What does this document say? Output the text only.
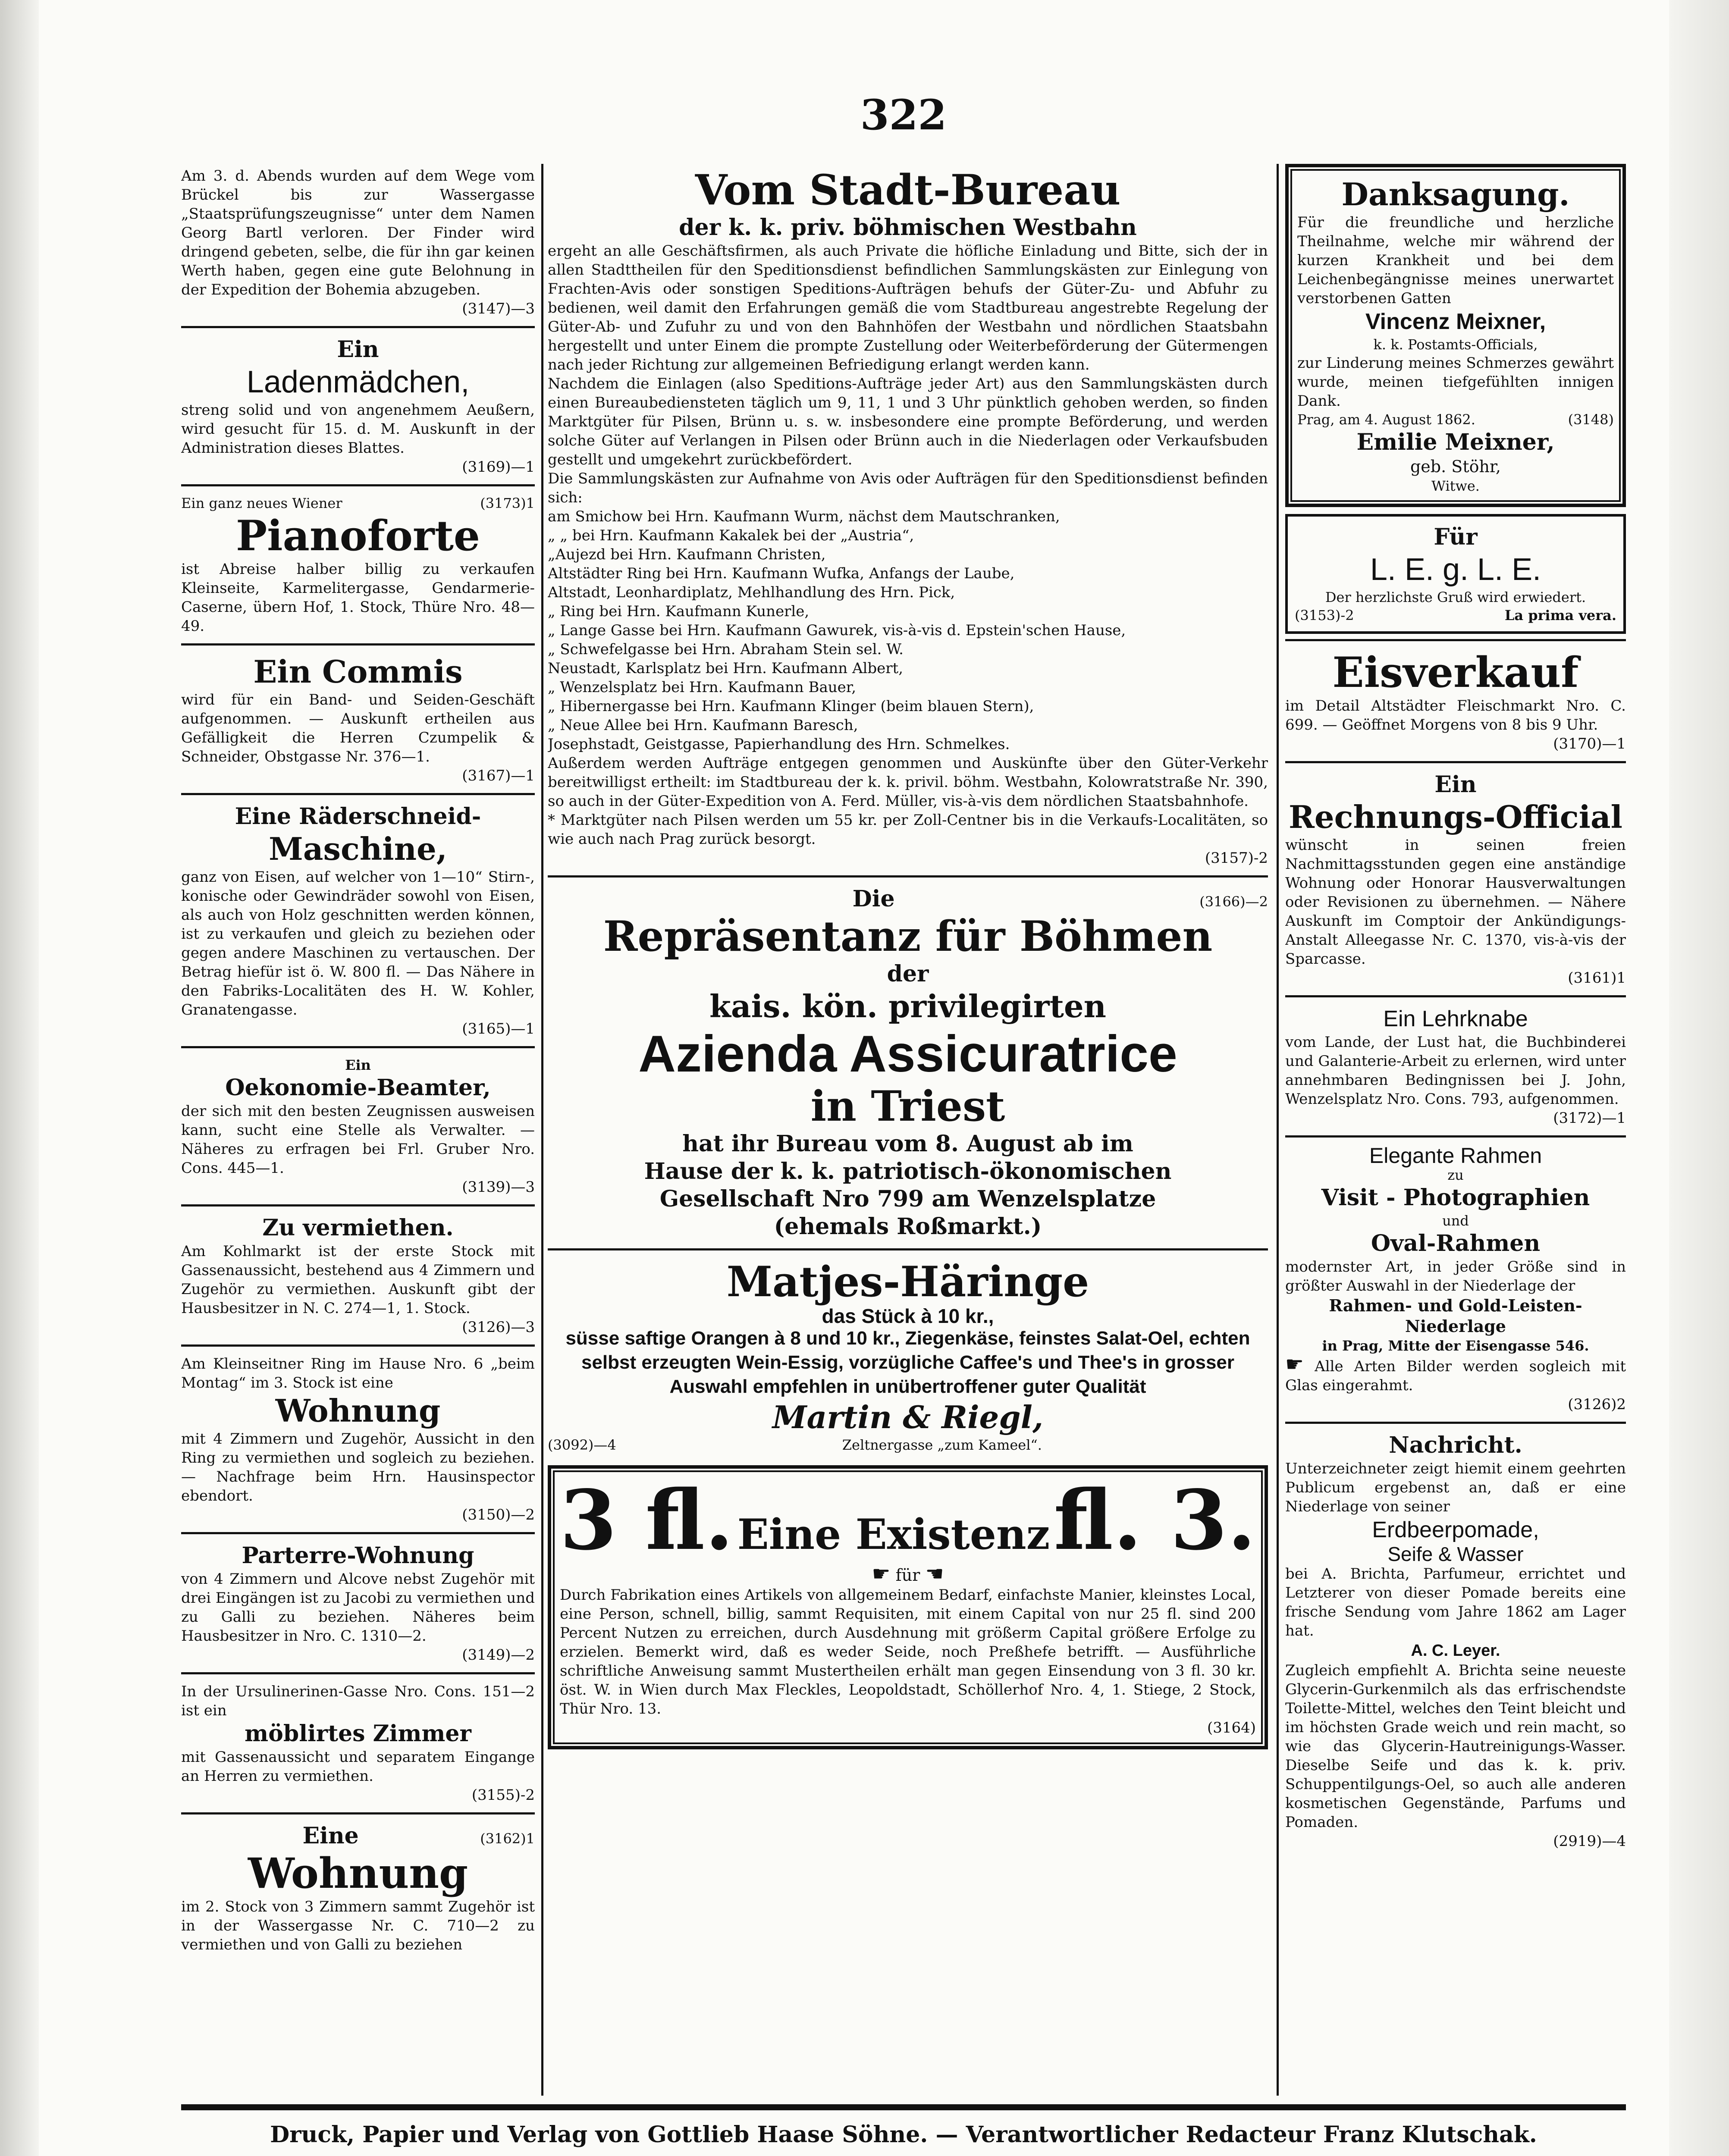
322
Am 3. d. Abends wurden auf dem Wege vom Brückel bis zur Wassergasse „Staatsprüfungszeugnisse“ unter dem Namen Georg Bartl verloren. Der Finder wird dringend gebeten, selbe, die für ihn gar keinen Werth haben, gegen eine gute Belohnung in der Expedition der Bohemia abzugeben.
(3147)—3
Ein
Ladenmädchen,
streng solid und von angenehmem Aeußern, wird gesucht für 15. d. M. Auskunft in der Administration dieses Blattes.
(3169)—1
Ein ganz neues Wiener	(3173)1
Pianoforte
ist Abreise halber billig zu verkaufen Kleinseite, Karmelitergasse, Gendarmerie-Caserne, übern Hof, 1. Stock, Thüre Nro. 48—49.
Ein Commis
wird für ein Band- und Seiden-Geschäft aufgenommen. — Auskunft ertheilen aus Gefälligkeit die Herren Czumpelik & Schneider, Obstgasse Nr. 376—1.
(3167)—1
Eine Räderschneid-
Maschine,
ganz von Eisen, auf welcher von 1—10“ Stirn-, konische oder Gewindräder sowohl von Eisen, als auch von Holz geschnitten werden können, ist zu verkaufen und gleich zu beziehen oder gegen andere Maschinen zu vertauschen. Der Betrag hiefür ist ö. W. 800 fl. — Das Nähere in den Fabriks-Localitäten des H. W. Kohler, Granatengasse.
(3165)—1
Ein
Oekonomie-Beamter,
der sich mit den besten Zeugnissen ausweisen kann, sucht eine Stelle als Verwalter. — Näheres zu erfragen bei Frl. Gruber Nro. Cons. 445—1.
(3139)—3
Zu vermiethen.
Am Kohlmarkt ist der erste Stock mit Gassenaussicht, bestehend aus 4 Zimmern und Zugehör zu vermiethen. Auskunft gibt der Hausbesitzer in N. C. 274—1, 1. Stock.
(3126)—3
Am Kleinseitner Ring im Hause Nro. 6 „beim Montag“ im 3. Stock ist eine
Wohnung
mit 4 Zimmern und Zugehör, Aussicht in den Ring zu vermiethen und sogleich zu beziehen. — Nachfrage beim Hrn. Hausinspector ebendort.
(3150)—2
Parterre-Wohnung
von 4 Zimmern und Alcove nebst Zugehör mit drei Eingängen ist zu Jacobi zu vermiethen und zu Galli zu beziehen. Näheres beim Hausbesitzer in Nro. C. 1310—2.
(3149)—2
In der Ursulinerinen-Gasse Nro. Cons. 151—2 ist ein
möblirtes Zimmer
mit Gassenaussicht und separatem Eingange an Herren zu vermiethen.
(3155)-2
Eine	(3162)1
Wohnung
im 2. Stock von 3 Zimmern sammt Zugehör ist in der Wassergasse Nr. C. 710—2 zu vermiethen und von Galli zu beziehen
Vom Stadt-Bureau
der k. k. priv. böhmischen Westbahn
ergeht an alle Geschäftsfirmen, als auch Private die höfliche Einladung und Bitte, sich der in allen Stadttheilen für den Speditionsdienst befindlichen Sammlungskästen zur Einlegung von Frachten-Avis oder sonstigen Speditions-Aufträgen behufs der Güter-Zu- und Abfuhr zu bedienen, weil damit den Erfahrungen gemäß die vom Stadtbureau angestrebte Regelung der Güter-Ab- und Zufuhr zu und von den Bahnhöfen der Westbahn und nördlichen Staatsbahn hergestellt und unter Einem die prompte Zustellung oder Weiterbeförderung der Gütermengen nach jeder Richtung zur allgemeinen Befriedigung erlangt werden kann.
Nachdem die Einlagen (also Speditions-Aufträge jeder Art) aus den Sammlungskästen durch einen Bureaubediensteten täglich um 9, 11, 1 und 3 Uhr pünktlich gehoben werden, so finden Marktgüter für Pilsen, Brünn u. s. w. insbesondere eine prompte Beförderung, und werden solche Güter auf Verlangen in Pilsen oder Brünn auch in die Niederlagen oder Verkaufsbuden gestellt und umgekehrt zurückbefördert.
Die Sammlungskästen zur Aufnahme von Avis oder Aufträgen für den Speditionsdienst befinden sich:
am Smichow bei Hrn. Kaufmann Wurm, nächst dem Mautschranken,
„ „ bei Hrn. Kaufmann Kakalek bei der „Austria“,
„Aujezd bei Hrn. Kaufmann Christen,
Altstädter Ring bei Hrn. Kaufmann Wufka, Anfangs der Laube,
Altstadt, Leonhardiplatz, Mehlhandlung des Hrn. Pick,
„ Ring bei Hrn. Kaufmann Kunerle,
„ Lange Gasse bei Hrn. Kaufmann Gawurek, vis-à-vis d. Epstein'schen Hause,
„ Schwefelgasse bei Hrn. Abraham Stein sel. W.
Neustadt, Karlsplatz bei Hrn. Kaufmann Albert,
„ Wenzelsplatz bei Hrn. Kaufmann Bauer,
„ Hibernergasse bei Hrn. Kaufmann Klinger (beim blauen Stern),
„ Neue Allee bei Hrn. Kaufmann Baresch,
Josephstadt, Geistgasse, Papierhandlung des Hrn. Schmelkes.
Außerdem werden Aufträge entgegen genommen und Auskünfte über den Güter-Verkehr bereitwilligst ertheilt: im Stadtbureau der k. k. privil. böhm. Westbahn, Kolowratstraße Nr. 390, so auch in der Güter-Expedition von A. Ferd. Müller, vis-à-vis dem nördlichen Staatsbahnhofe.
* Marktgüter nach Pilsen werden um 55 kr. per Zoll-Centner bis in die Verkaufs-Localitäten, so wie auch nach Prag zurück besorgt.
(3157)-2
Die	(3166)—2
Repräsentanz für Böhmen
der
kais. kön. privilegirten
Azienda Assicuratrice
in Triest
hat ihr Bureau vom 8. August ab im
Hause der k. k. patriotisch-ökonomischen
Gesellschaft Nro 799 am Wenzelsplatze
(ehemals Roßmarkt.)
Matjes-Häringe
das Stück à 10 kr.,
süsse saftige Orangen à 8 und 10 kr., Ziegenkäse, feinstes Salat-Oel, echten selbst erzeugten Wein-Essig, vorzügliche Caffee's und Thee's in grosser Auswahl empfehlen in unübertroffener guter Qualität
Martin & Riegl,
(3092)—4	Zeltnergasse „zum Kameel“.
3 fl. Eine Existenz fl. 3.
☛ für ☚
Durch Fabrikation eines Artikels von allgemeinem Bedarf, einfachste Manier, kleinstes Local, eine Person, schnell, billig, sammt Requisiten, mit einem Capital von nur 25 fl. sind 200 Percent Nutzen zu erreichen, durch Ausdehnung mit größerm Capital größere Erfolge zu erzielen. Bemerkt wird, daß es weder Seide, noch Preßhefe betrifft. — Ausführliche schriftliche Anweisung sammt Mustertheilen erhält man gegen Einsendung von 3 fl. 30 kr. öst. W. in Wien durch Max Fleckles, Leopoldstadt, Schöllerhof Nro. 4, 1. Stiege, 2 Stock, Thür Nro. 13.
(3164)
Danksagung.
Für die freundliche und herzliche Theilnahme, welche mir während der kurzen Krankheit und bei dem Leichenbegängnisse meines unerwartet verstorbenen Gatten
Vincenz Meixner,
k. k. Postamts-Officials,
zur Linderung meines Schmerzes gewährt wurde, meinen tiefgefühlten innigen Dank.
Prag, am 4. August 1862.	(3148)
Emilie Meixner,
geb. Stöhr,
Witwe.
Für
L. E. g. L. E.
Der herzlichste Gruß wird erwiedert.
(3153)-2	La prima vera.
Eisverkauf
im Detail Altstädter Fleischmarkt Nro. C. 699. — Geöffnet Morgens von 8 bis 9 Uhr.
(3170)—1
Ein
Rechnungs-Official
wünscht in seinen freien Nachmittagsstunden gegen eine anständige Wohnung oder Honorar Hausverwaltungen oder Revisionen zu übernehmen. — Nähere Auskunft im Comptoir der Ankündigungs-Anstalt Alleegasse Nr. C. 1370, vis-à-vis der Sparcasse.
(3161)1
Ein Lehrknabe
vom Lande, der Lust hat, die Buchbinderei und Galanterie-Arbeit zu erlernen, wird unter annehmbaren Bedingnissen bei J. John, Wenzelsplatz Nro. Cons. 793, aufgenommen.
(3172)—1
Elegante Rahmen
zu
Visit - Photographien
und
Oval-Rahmen
modernster Art, in jeder Größe sind in größter Auswahl in der Niederlage der
Rahmen- und Gold-Leisten-
Niederlage
in Prag, Mitte der Eisengasse 546.
☛ Alle Arten Bilder werden sogleich mit Glas eingerahmt.
(3126)2
Nachricht.
Unterzeichneter zeigt hiemit einem geehrten Publicum ergebenst an, daß er eine Niederlage von seiner
Erdbeerpomade,
Seife & Wasser
bei A. Brichta, Parfumeur, errichtet und Letzterer von dieser Pomade bereits eine frische Sendung vom Jahre 1862 am Lager hat.
A. C. Leyer.
Zugleich empfiehlt A. Brichta seine neueste Glycerin-Gurkenmilch als das erfrischendste Toilette-Mittel, welches den Teint bleicht und im höchsten Grade weich und rein macht, so wie das Glycerin-Hautreinigungs-Wasser. Dieselbe Seife und das k. k. priv. Schuppentilgungs-Oel, so auch alle anderen kosmetischen Gegenstände, Parfums und Pomaden.
(2919)—4
Druck, Papier und Verlag von Gottlieb Haase Söhne. — Verantwortlicher Redacteur Franz Klutschak.
